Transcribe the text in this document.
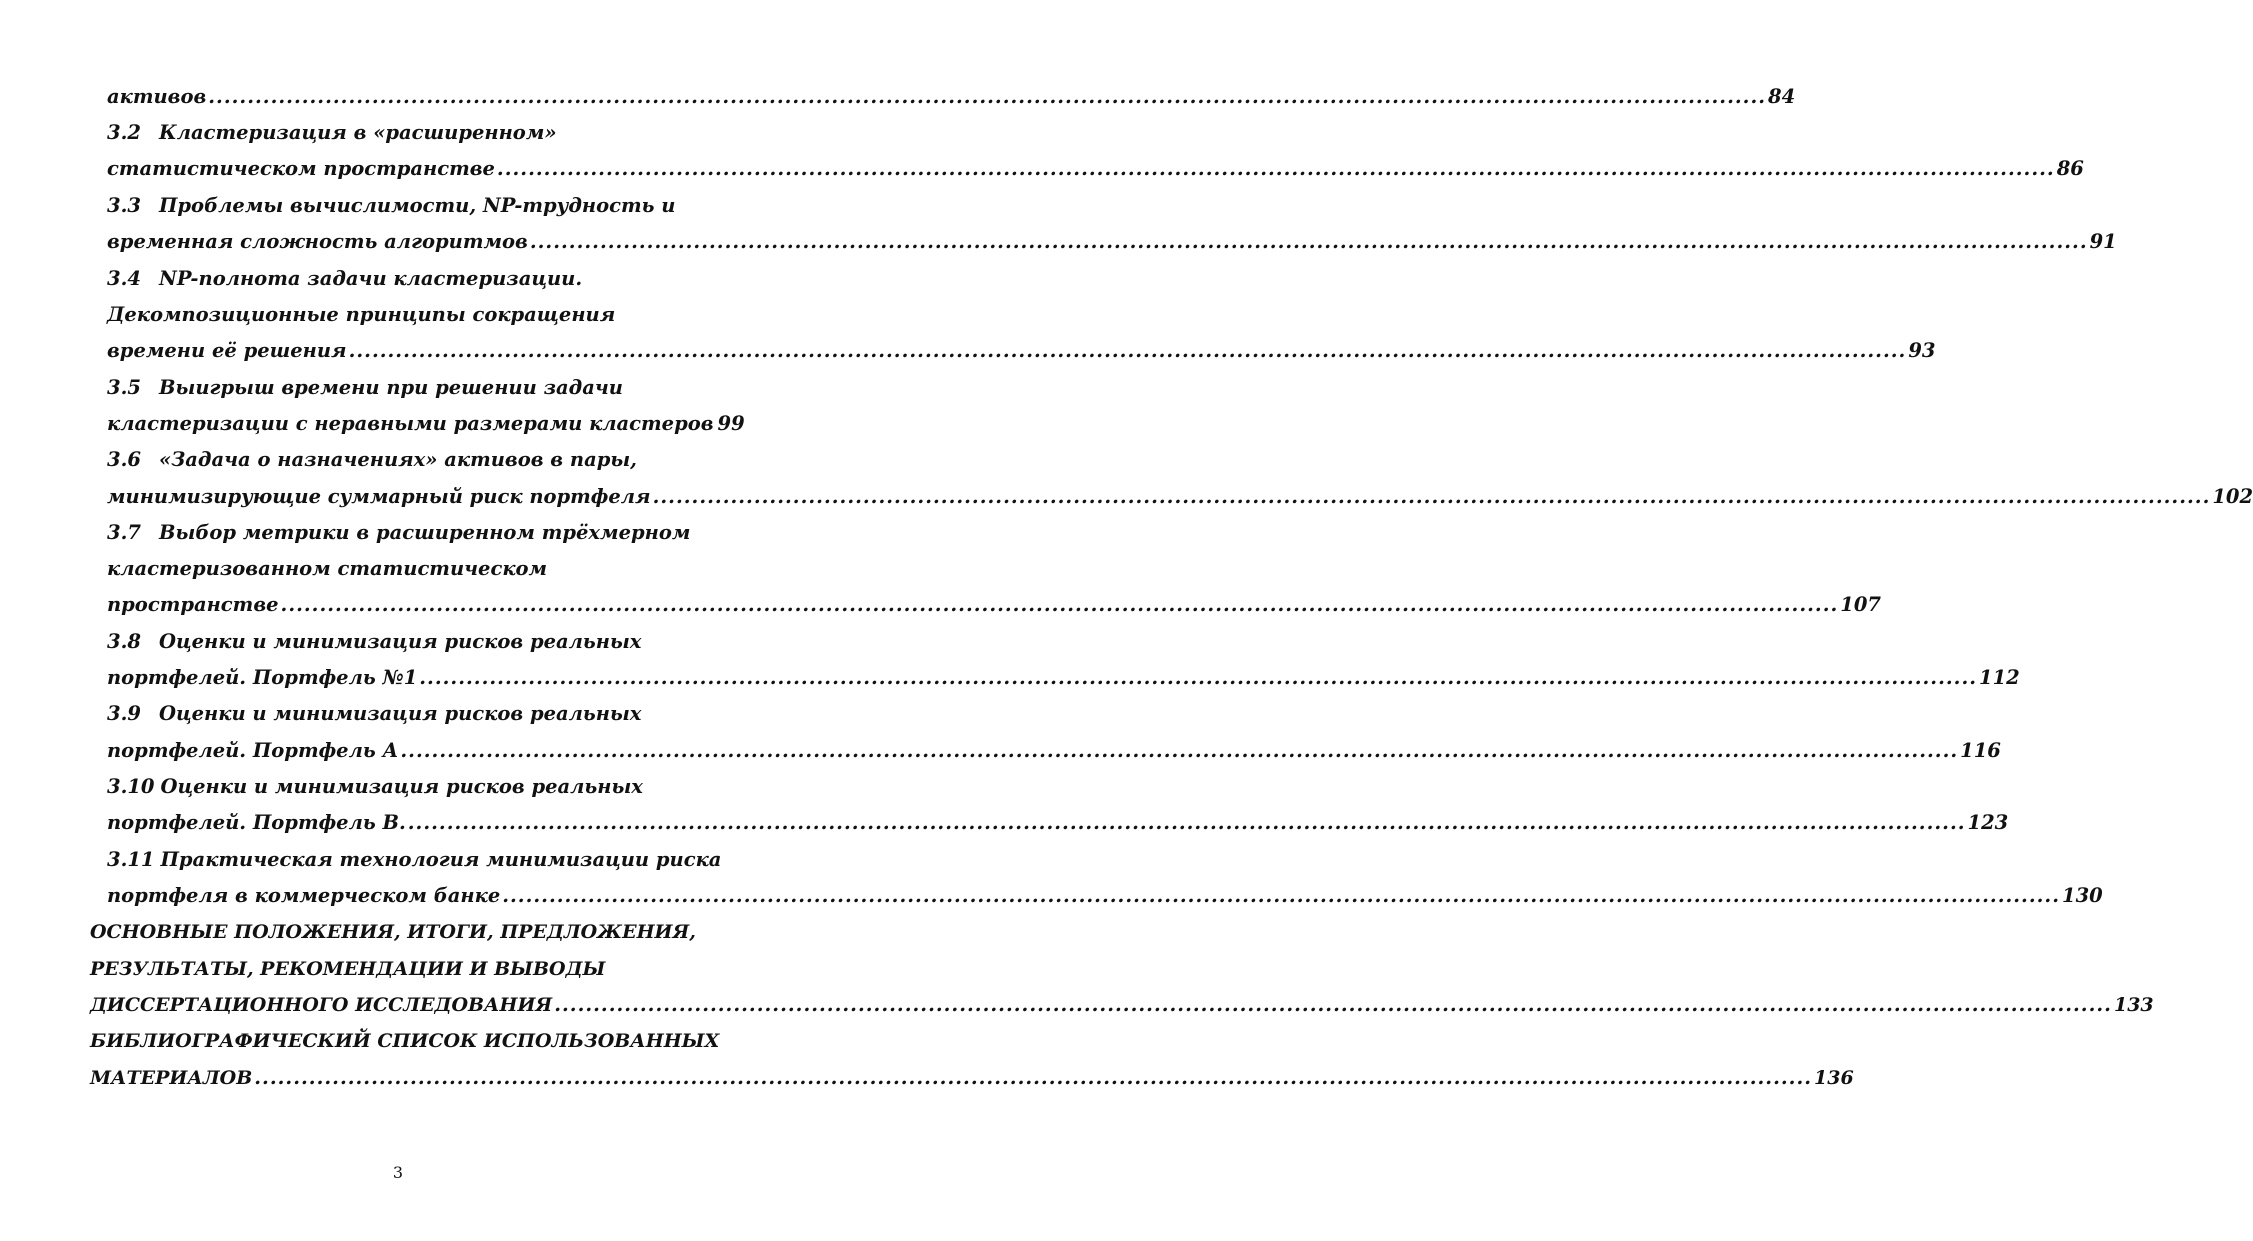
активов ........................................................................................................................................................................................................ 84
3.2 Кластеризация в «расширенном»
статистическом пространстве ........................................................................................................................................................................................................ 86
3.3 Проблемы вычислимости, NP-трудность и
временная сложность алгоритмов ........................................................................................................................................................................................................ 91
3.4 NP-полнота задачи кластеризации.
Декомпозиционные принципы сокращения
времени её решения ........................................................................................................................................................................................................ 93
3.5 Выигрыш времени при решении задачи
кластеризации с неравными размерами кластеров 99
3.6 «Задача о назначениях» активов в пары,
минимизирующие суммарный риск портфеля ........................................................................................................................................................................................................ 102
3.7 Выбор метрики в расширенном трёхмерном
кластеризованном статистическом
пространстве ........................................................................................................................................................................................................ 107
3.8 Оценки и минимизация рисков реальных
портфелей. Портфель №1 ........................................................................................................................................................................................................ 112
3.9 Оценки и минимизация рисков реальных
портфелей. Портфель А ........................................................................................................................................................................................................ 116
3.10 Оценки и минимизация рисков реальных
портфелей. Портфель В. ........................................................................................................................................................................................................ 123
3.11 Практическая технология минимизации риска
портфеля в коммерческом банке ........................................................................................................................................................................................................ 130
ОСНОВНЫЕ ПОЛОЖЕНИЯ, ИТОГИ, ПРЕДЛОЖЕНИЯ,
РЕЗУЛЬТАТЫ, РЕКОМЕНДАЦИИ И ВЫВОДЫ
ДИССЕРТАЦИОННОГО ИССЛЕДОВАНИЯ ........................................................................................................................................................................................................ 133
БИБЛИОГРАФИЧЕСКИЙ СПИСОК ИСПОЛЬЗОВАННЫХ
МАТЕРИАЛОВ ........................................................................................................................................................................................................ 136
3
